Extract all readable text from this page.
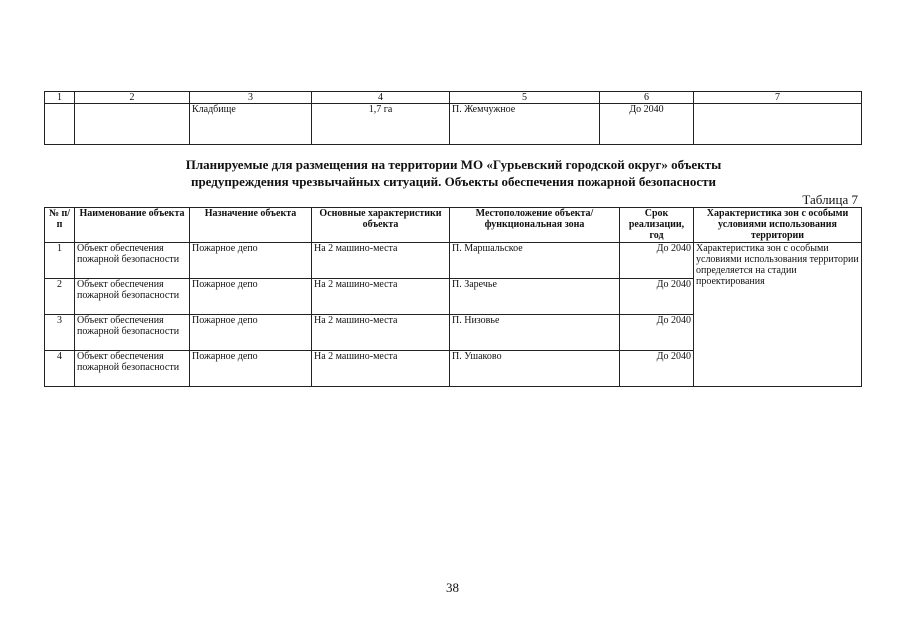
1	2	3	4	5	6	7
		Кладбище	1,7 га	П. Жемчужное	До 2040	
Планируемые для размещения на территории МО «Гурьевский городской округ» объекты
предупреждения чрезвычайных ситуаций. Объекты обеспечения пожарной безопасности
Таблица 7
№ п/п	Наименование объекта	Назначение объекта	Основные характеристики объекта	Местоположение объекта/функциональная зона	Срок реализации, год	Характеристика зон с особыми условиями использования территории
1	Объект обеспечения пожарной безопасности	Пожарное депо	На 2 машино-места	П. Маршальское	До 2040	Характеристика зон с особыми условиями использования территории определяется на стадии проектирования
2	Объект обеспечения пожарной безопасности	Пожарное депо	На 2 машино-места	П. Заречье	До 2040	
3	Объект обеспечения пожарной безопасности	Пожарное депо	На 2 машино-места	П. Низовье	До 2040	
4	Объект обеспечения пожарной безопасности	Пожарное депо	На 2 машино-места	П. Ушаково	До 2040	
38
